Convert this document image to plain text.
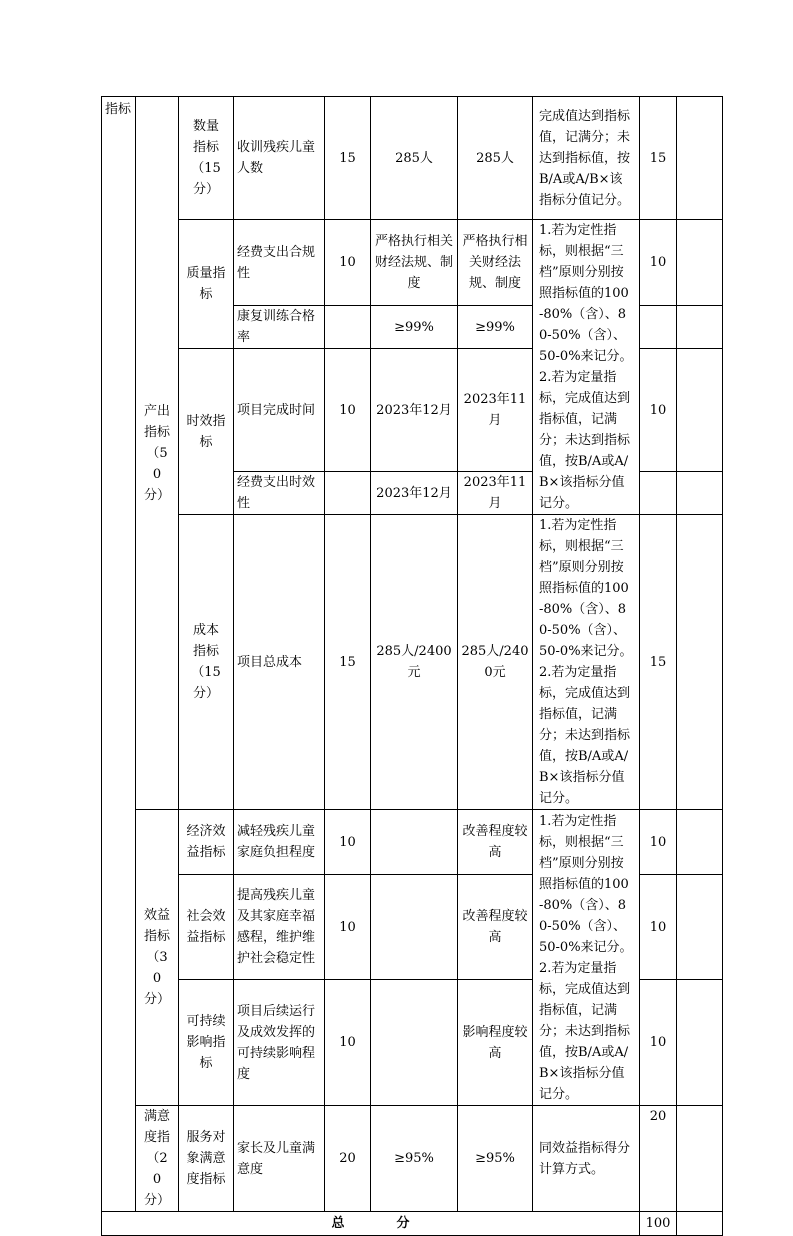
指标	产出指标（50分）	数量指标（15分）	收训残疾儿童人数	15	285人	285人	完成值达到指标值，记满分；未达到指标值，按B/A或A/B×该指标分值记分。	15	
		质量指标	经费支出合规性	10	严格执行相关财经法规、制度	严格执行相关财经法规、制度	1.若为定性指标，则根据“三档”原则分别按照指标值的100-80%（含）、80-50%（含）、50-0%来记分。2.若为定量指标，完成值达到指标值，记满分；未达到指标值，按B/A或A/B×该指标分值记分。	10	
			康复训练合格率		≥99%	≥99%			
		时效指标	项目完成时间	10	2023年12月	2023年11月		10	
			经费支出时效性		2023年12月	2023年11月			
		成本指标（15分）	项目总成本	15	285人/2400元	285人/2400元	1.若为定性指标，则根据“三档”原则分别按照指标值的100-80%（含）、80-50%（含）、50-0%来记分。2.若为定量指标，完成值达到指标值，记满分；未达到指标值，按B/A或A/B×该指标分值记分。	15	
	效益指标（30分）	经济效益指标	减轻残疾儿童家庭负担程度	10		改善程度较高	1.若为定性指标，则根据“三档”原则分别按照指标值的100-80%（含）、80-50%（含）、50-0%来记分。2.若为定量指标，完成值达到指标值，记满分；未达到指标值，按B/A或A/B×该指标分值记分。	10	
		社会效益指标	提高残疾儿童及其家庭幸福感程，维护维护社会稳定性	10		改善程度较高		10	
		可持续影响指标	项目后续运行及成效发挥的可持续影响程度	10		影响程度较高		10	
	满意度指（20分）	服务对象满意度指标	家长及儿童满意度	20	≥95%	≥95%	同效益指标得分计算方式。	20	
总　　　　分								100	
